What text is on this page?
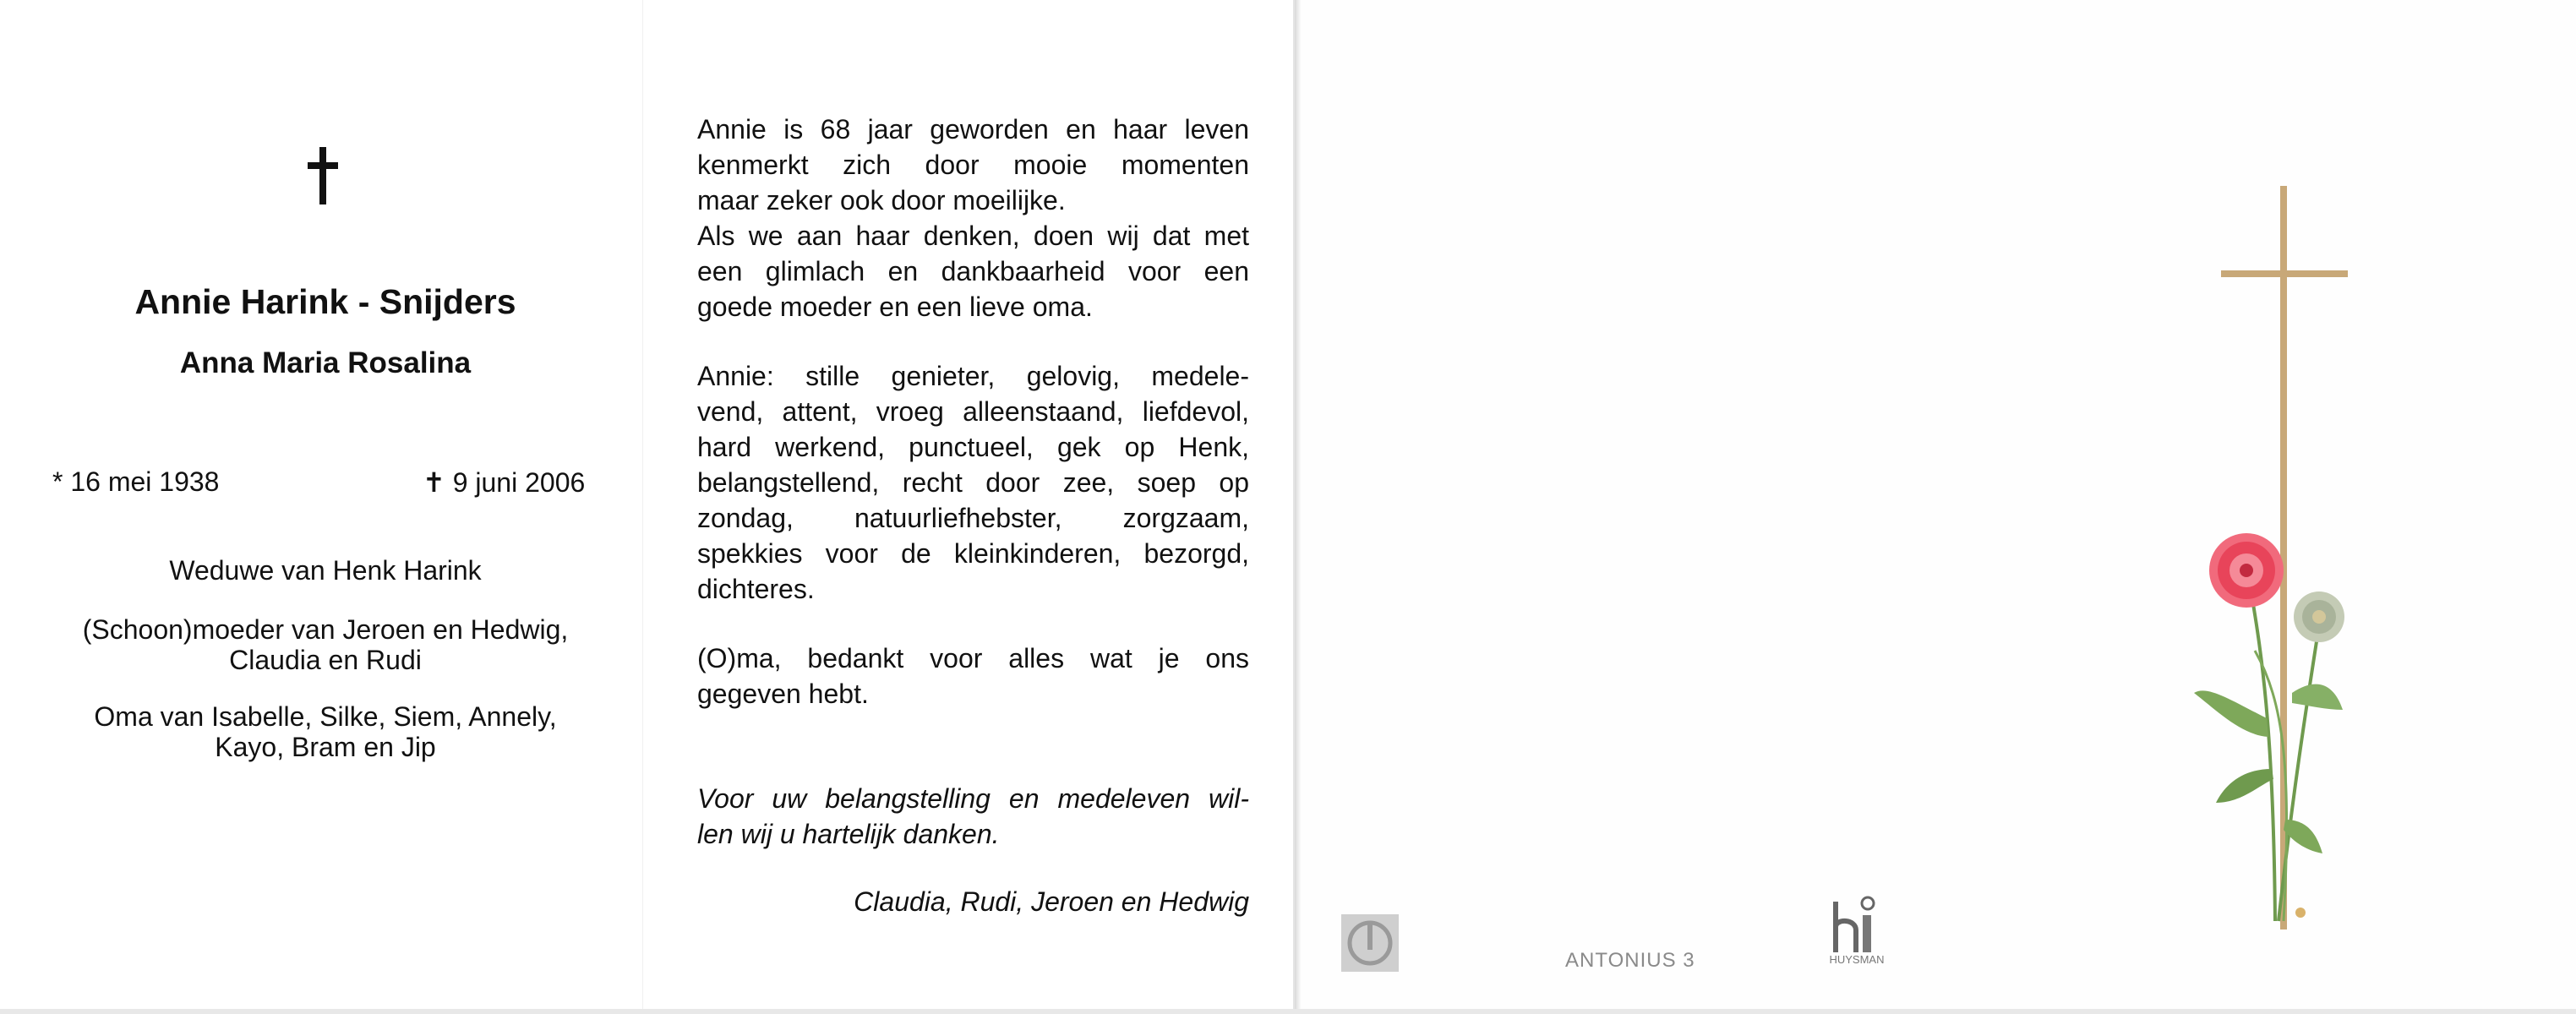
Annie Harink - Snijders
Anna Maria Rosalina
* 16 mei 1938	✝ 9 juni 2006
Weduwe van Henk Harink
(Schoon)moeder van Jeroen en Hedwig,
Claudia en Rudi
Oma van Isabelle, Silke, Siem, Annely,
Kayo, Bram en Jip
Annie is 68 jaar geworden en haar leven
kenmerkt zich door mooie momenten
maar zeker ook door moeilijke.
Als we aan haar denken, doen wij dat met
een glimlach en dankbaarheid voor een
goede moeder en een lieve oma.
Annie: stille genieter, gelovig, medele-
vend, attent, vroeg alleenstaand, liefdevol,
hard werkend, punctueel, gek op Henk,
belangstellend, recht door zee, soep op
zondag, natuurliefhebster, zorgzaam,
spekkies voor de kleinkinderen, bezorgd,
dichteres.
(O)ma, bedankt voor alles wat je ons
gegeven hebt.
Voor uw belangstelling en medeleven wil-
len wij u hartelijk danken.
Claudia, Rudi, Jeroen en Hedwig
ANTONIUS 3	HUYSMAN
